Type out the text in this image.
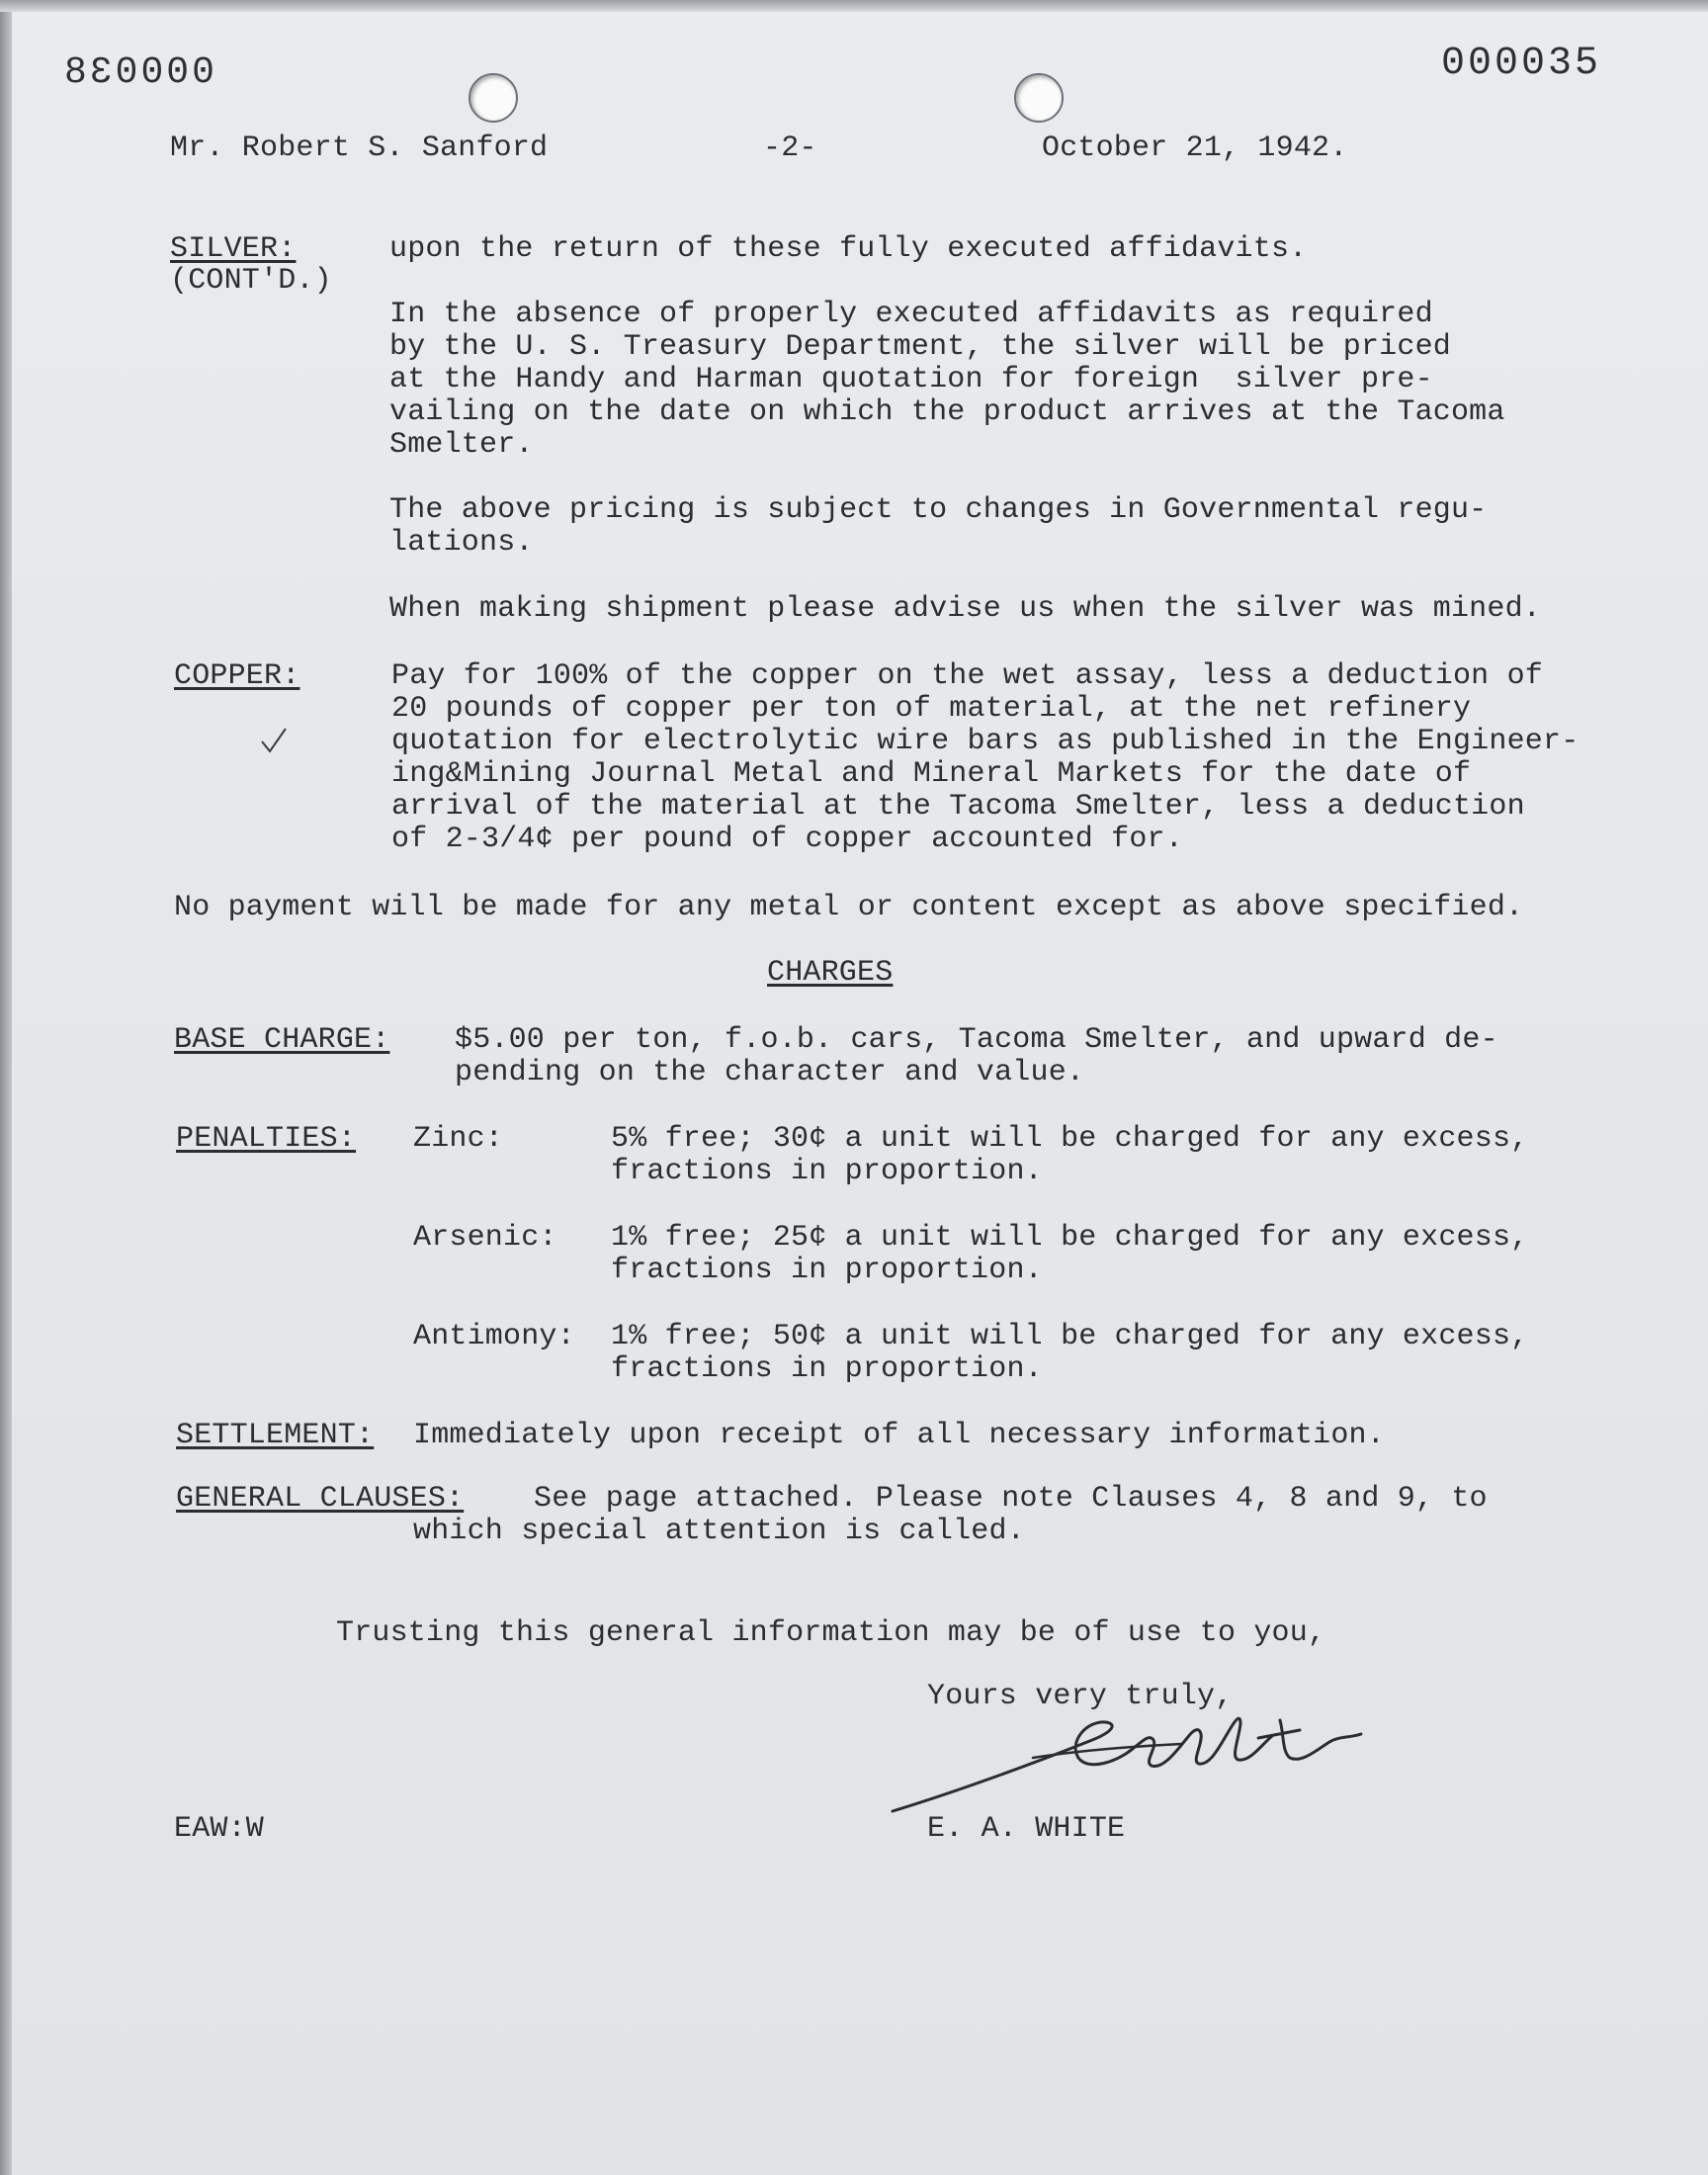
000038	000035
Mr. Robert S. Sanford	-2-	October 21, 1942.
SILVER:
(CONT'D.)
upon the return of these fully executed affidavits.
In the absence of properly executed affidavits as required
by the U. S. Treasury Department, the silver will be priced
at the Handy and Harman quotation for foreign  silver pre-
vailing on the date on which the product arrives at the Tacoma
Smelter.
The above pricing is subject to changes in Governmental regu-
lations.
When making shipment please advise us when the silver was mined.
COPPER:	Pay for 100% of the copper on the wet assay, less a deduction of
20 pounds of copper per ton of material, at the net refinery
quotation for electrolytic wire bars as published in the Engineer-
ing&Mining Journal Metal and Mineral Markets for the date of
arrival of the material at the Tacoma Smelter, less a deduction
of 2-3/4¢ per pound of copper accounted for.
No payment will be made for any metal or content except as above specified.
CHARGES
BASE CHARGE: $5.00 per ton, f.o.b. cars, Tacoma Smelter, and upward de-
pending on the character and value.
PENALTIES: Zinc:	5% free; 30¢ a unit will be charged for any excess,
fractions in proportion.
Arsenic: 1% free; 25¢ a unit will be charged for any excess,
fractions in proportion.
Antimony: 1% free; 50¢ a unit will be charged for any excess,
fractions in proportion.
SETTLEMENT: Immediately upon receipt of all necessary information.
GENERAL CLAUSES: See page attached. Please note Clauses 4, 8 and 9, to
which special attention is called.
Trusting this general information may be of use to you,
Yours very truly,
EAW:W	E. A. WHITE
